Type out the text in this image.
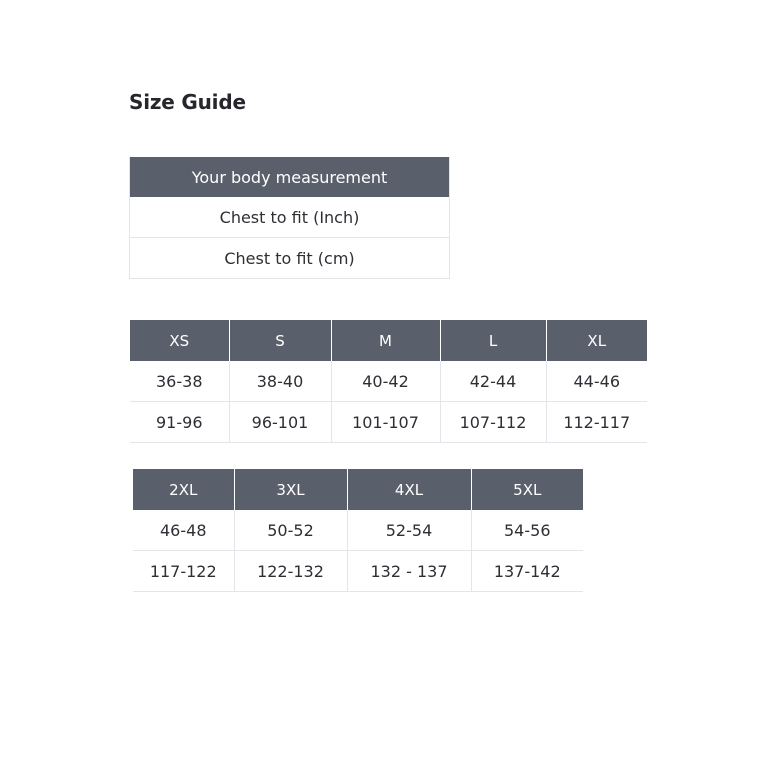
Size Guide
Your body measurement
Chest to fit (Inch)
Chest to fit (cm)
XS	S	M	L	XL
36-38	38-40	40-42	42-44	44-46
91-96	96-101	101-107	107-112	112-117
2XL	3XL	4XL	5XL
46-48	50-52	52-54	54-56
117-122	122-132	132 - 137	137-142
